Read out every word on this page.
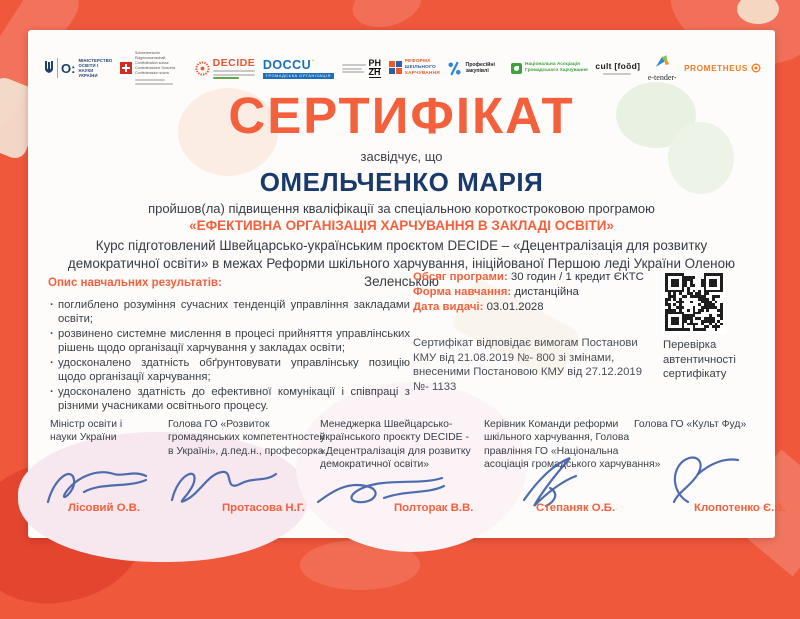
О:
МІНІСТЕРСТВО ОСВІТИ І НАУКИ УКРАЇНИ
Schweizerische Eidgenossenschaft
Confédération suisse
Confederazione Svizzera
Confederaziun svizra
DECIDE DOCCU˙
ГРОМАДСЬКА ОРГАНІЗАЦІЯ
PH
ZH
РЕФОРМА
ШКІЛЬНОГО
ХАРЧУВАННЯ
Професійні закупівлі
Національна Асоціація
Громадського Харчування cult [foõd]
e-tender-
PROMETHEUS
СЕРТИФІКАТ
засвідчує, що
ОМЕЛЬЧЕНКО МАРІЯ
пройшов(ла) підвищення кваліфікації за спеціальною короткостроковою програмою
«ЕФЕКТИВНА ОРГАНІЗАЦІЯ ХАРЧУВАННЯ В ЗАКЛАДІ ОСВІТИ»
Курс підготовлений Швейцарсько-українським проєктом DECIDE – «Децентралізація для розвитку демократичної освіти» в межах Реформи шкільного харчування, ініційованої Першою леді України Оленою Зеленською
Опис навчальних результатів:
· поглиблено розуміння сучасних тенденцій управління закладами освіти;
· розвинено системне мислення в процесі прийняття управлінських рішень щодо організації харчування у закладах освіти;
· удосконалено здатність обґрунтовувати управлінську позицію щодо організації харчування;
· удосконалено здатність до ефективної комунікації і співпраці з різними учасниками освітнього процесу.
Обсяг програми: 30 годин / 1 кредит ЄКТС
Форма навчання: дистанційна
Дата видачі: 03.01.2028
Сертифікат відповідає вимогам Постанови КМУ від 21.08.2019 №- 800 зі змінами, внесеними Постановою КМУ від 27.12.2019 №- 1133
Перевірка автентичності сертифікату
Міністр освіти і науки України
Голова ГО «Розвиток громадянських компетентностей в Україні», д.пед.н., професорка
Менеджерка Швейцарсько-українського проєкту DECIDE - «Децентралізація для розвитку демократичної освіти»
Керівник Команди реформи шкільного харчування, Голова правління ГО «Національна асоціація громадського харчування»
Голова ГО «Культ Фуд»
Лісовий О.В.	Протасова Н.Г.	Полторак В.В.	Степаняк О.Б.	Клопотенко Є.В.
